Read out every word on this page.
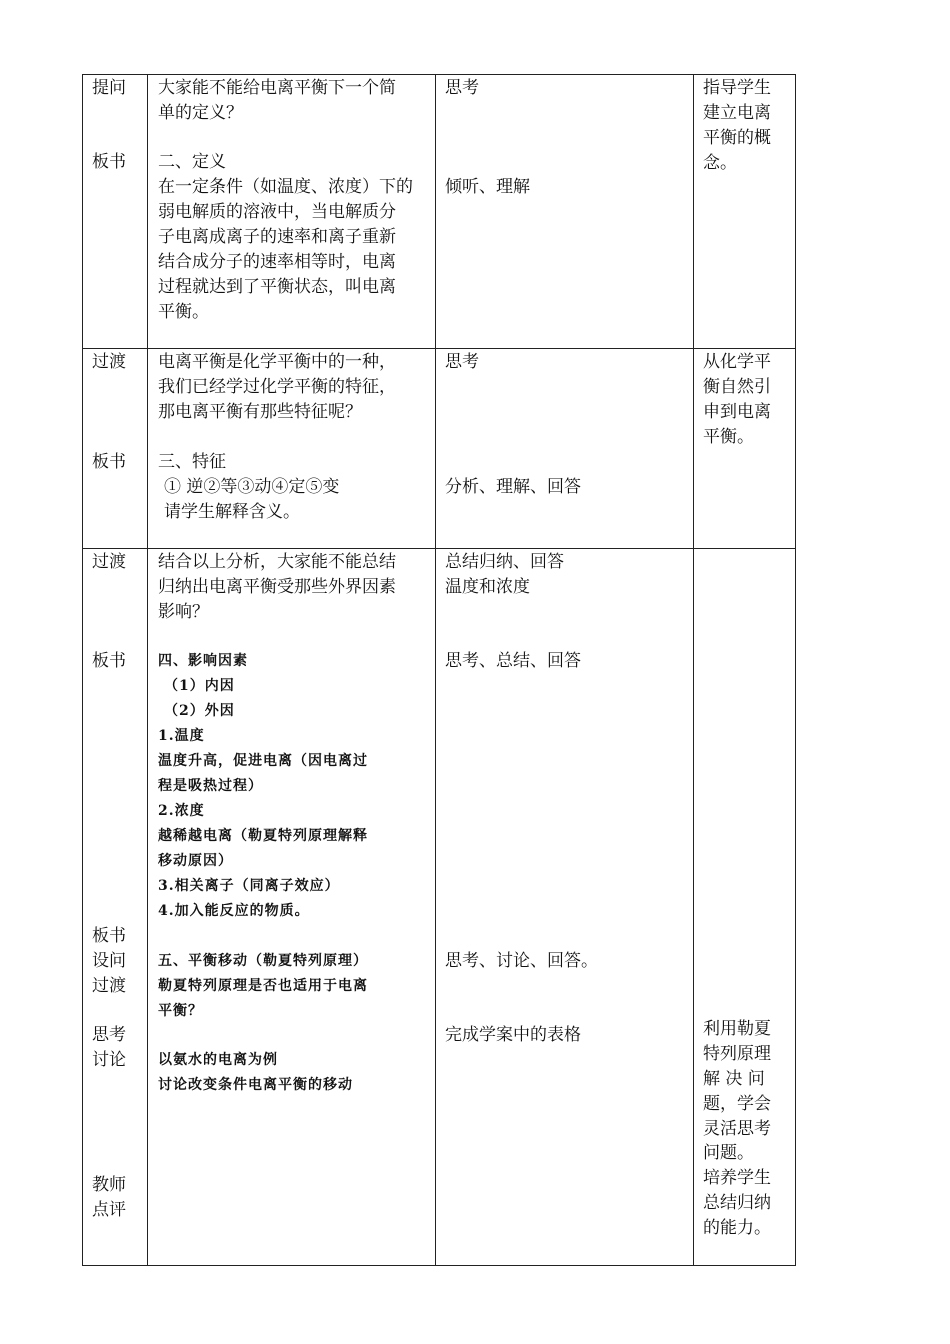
提问
板书
大家能不能给电离平衡下一个简
单的定义？
二、定义
在一定条件（如温度、浓度）下的
弱电解质的溶液中，当电解质分
子电离成离子的速率和离子重新
结合成分子的速率相等时，电离
过程就达到了平衡状态，叫电离
平衡。
思考
倾听、理解
指导学生
建立电离
平衡的概
念。
过渡
板书
电离平衡是化学平衡中的一种，
我们已经学过化学平衡的特征，
那电离平衡有那些特征呢？
三、特征
① 逆②等③动④定⑤变
请学生解释含义。
思考
分析、理解、回答
从化学平
衡自然引
申到电离
平衡。
过渡
板书
板书
设问
过渡
思考
讨论
教师
点评
结合以上分析，大家能不能总结
归纳出电离平衡受那些外界因素
影响？
四、影响因素
（1）内因
（2）外因
1.温度
温度升高，促进电离（因电离过
程是吸热过程）
2.浓度
越稀越电离（勒夏特列原理解释
移动原因）
3.相关离子（同离子效应）
4.加入能反应的物质。
五、平衡移动（勒夏特列原理）
勒夏特列原理是否也适用于电离
平衡？
以氨水的电离为例
讨论改变条件电离平衡的移动
总结归纳、回答
温度和浓度
思考、总结、回答
思考、讨论、回答。
完成学案中的表格	利用勒夏
特列原理
解 决 问
题，学会
灵活思考
问题。
培养学生
总结归纳
的能力。
